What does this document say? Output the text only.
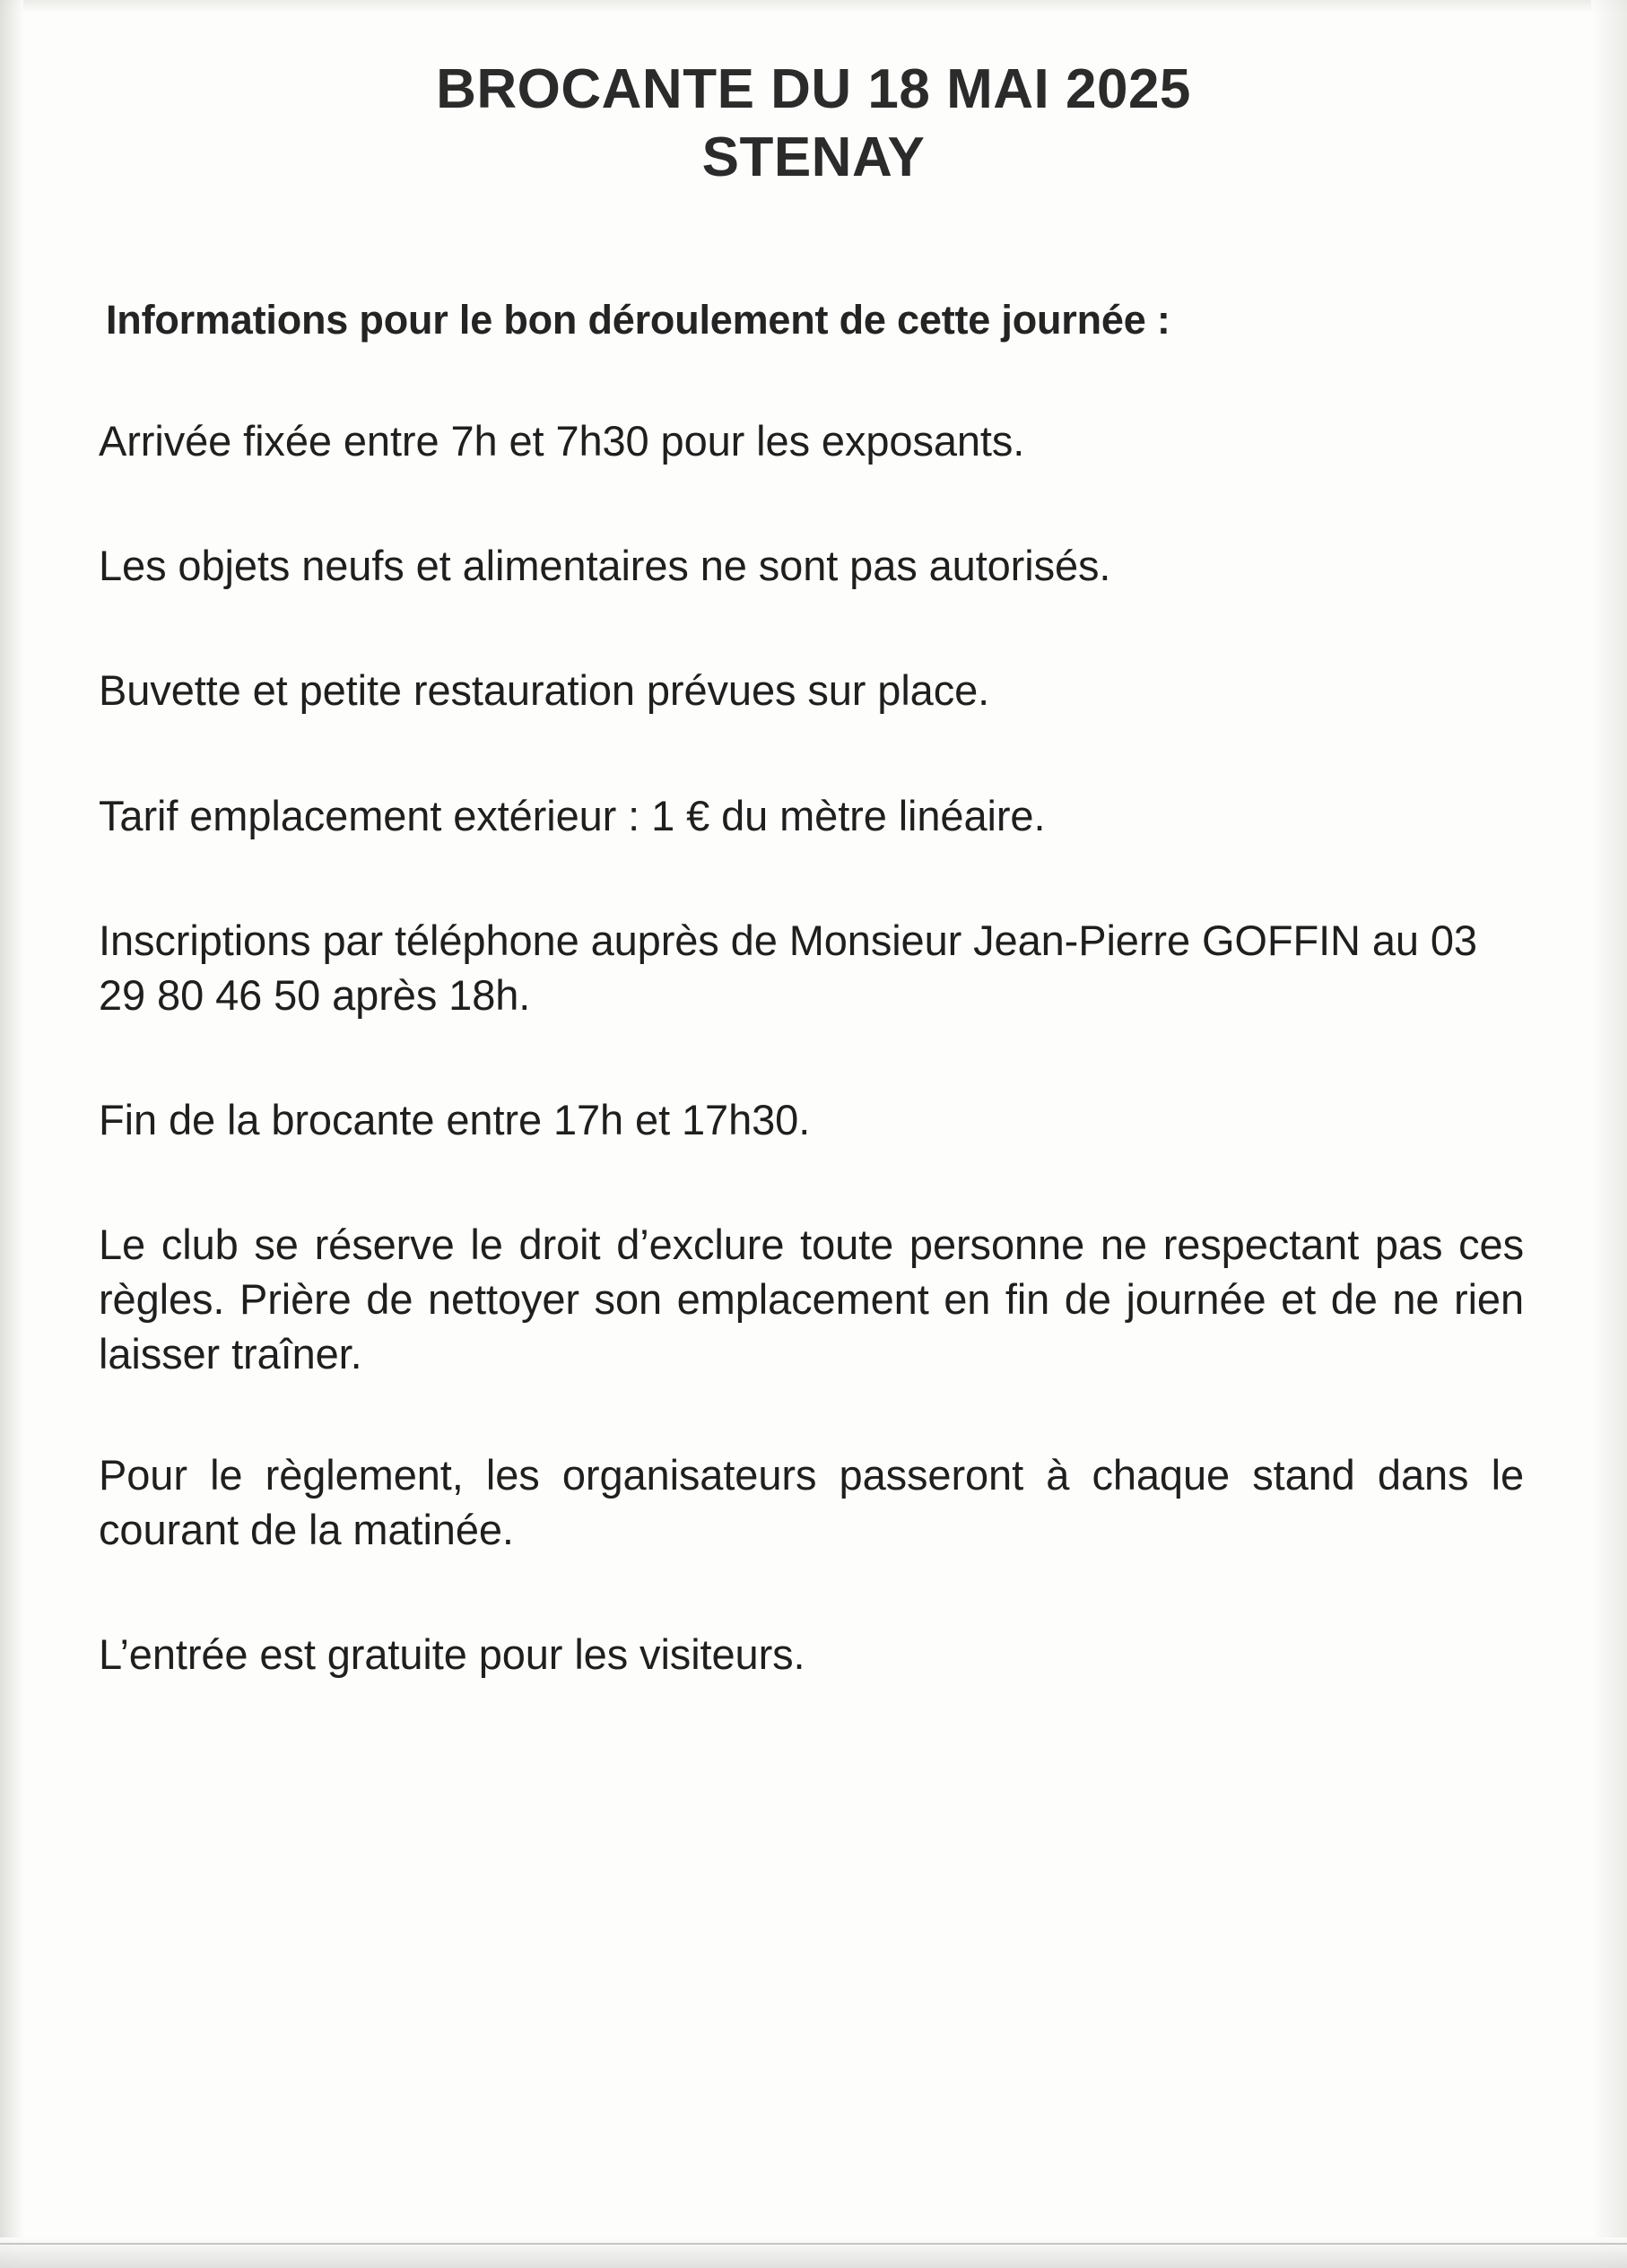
BROCANTE DU 18 MAI 2025
STENAY

Informations pour le bon déroulement de cette journée :

Arrivée fixée entre 7h et 7h30 pour les exposants.

Les objets neufs et alimentaires ne sont pas autorisés.

Buvette et petite restauration prévues sur place.

Tarif emplacement extérieur : 1 € du mètre linéaire.

Inscriptions par téléphone auprès de Monsieur Jean-Pierre GOFFIN au 03 29 80 46 50 après 18h.

Fin de la brocante entre 17h et 17h30.

Le club se réserve le droit d’exclure toute personne ne respectant pas ces règles. Prière de nettoyer son emplacement en fin de journée et de ne rien laisser traîner.

Pour le règlement, les organisateurs passeront à chaque stand dans le courant de la matinée.

L’entrée est gratuite pour les visiteurs.
